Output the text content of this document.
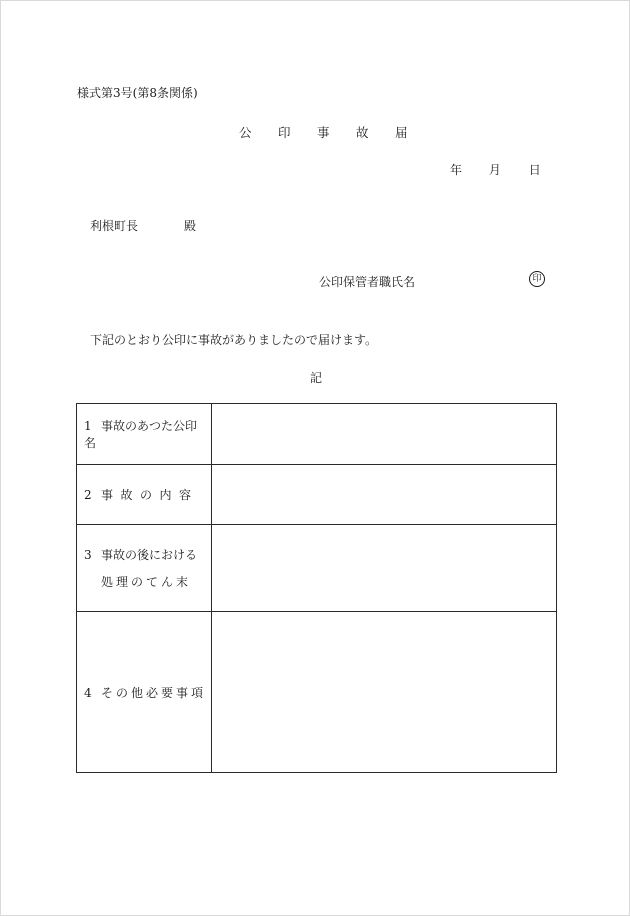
様式第3号(第8条関係)
公 印 事 故 届
年 月 日
利根町長	殿
公印保管者職氏名	印
下記のとおり公印に事故がありましたので届けます。
記
1 事故のあつた公印名	
2 事故の内容	
3 事故の後における
処理のてん末	

4 その他必要事項	
